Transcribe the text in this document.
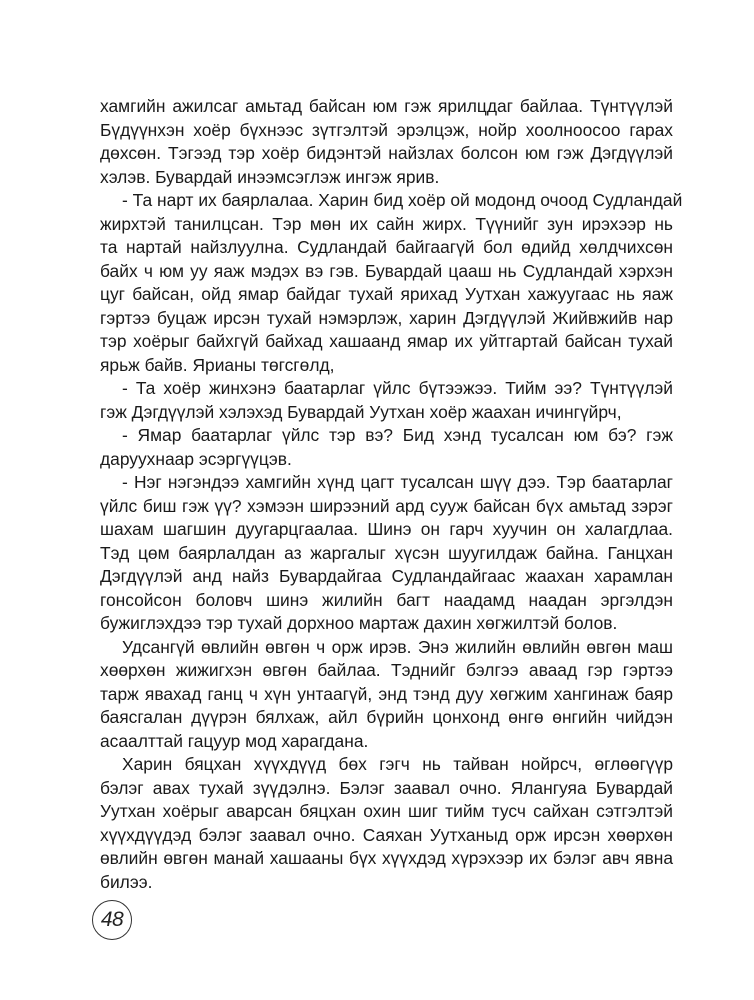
хамгийн ажилсаг амьтад байсан юм гэж ярилцдаг байлаа. Түнтүүлэй

Бүдүүнхэн хоёр бүхнээс зүтгэлтэй эрэлцэж, нойр хоолноосоо гарах

дөхсөн. Тэгээд тэр хоёр бидэнтэй найзлах болсон юм гэж Дэгдүүлэй

хэлэв. Бувардай инээмсэглэж ингэж ярив.

- Та нарт их баярлалаа. Харин бид хоёр ой модонд очоод Судландай

жирхтэй танилцсан. Тэр мөн их сайн жирх. Түүнийг зун ирэхээр нь

та нартай найзлуулна. Судландай байгаагүй бол өдийд хөлдчихсөн

байх ч юм уу яаж мэдэх вэ гэв. Бувардай цааш нь Судландай хэрхэн

цуг байсан, ойд ямар байдаг тухай ярихад Уутхан хажуугаас нь яаж

гэртээ буцаж ирсэн тухай нэмэрлэж, харин Дэгдүүлэй Жийвжийв нар

тэр хоёрыг байхгүй байхад хашаанд ямар их уйтгартай байсан тухай

ярьж байв. Ярианы төгсгөлд,

- Та хоёр жинхэнэ баатарлаг үйлс бүтээжээ. Тийм ээ? Түнтүүлэй

гэж Дэгдүүлэй хэлэхэд Бувардай Уутхан хоёр жаахан ичингүйрч,

- Ямар баатарлаг үйлс тэр вэ? Бид хэнд тусалсан юм бэ? гэж

даруухнаар эсэргүүцэв.

- Нэг нэгэндээ хамгийн хүнд цагт тусалсан шүү дээ. Тэр баатарлаг

үйлс биш гэж үү? хэмээн ширээний ард сууж байсан бүх амьтад зэрэг

шахам шагшин дуугарцгаалаа. Шинэ он гарч хуучин он халагдлаа.

Тэд цөм баярлалдан аз жаргалыг хүсэн шуугилдаж байна. Ганцхан

Дэгдүүлэй анд найз Бувардайгаа Судландайгаас жаахан харамлан

гонсойсон боловч шинэ жилийн багт наадамд наадан эргэлдэн

бужиглэхдээ тэр тухай дорхноо мартаж дахин хөгжилтэй болов.

Удсангүй өвлийн өвгөн ч орж ирэв. Энэ жилийн өвлийн өвгөн маш

хөөрхөн жижигхэн өвгөн байлаа. Тэднийг бэлгээ аваад гэр гэртээ

тарж явахад ганц ч хүн унтаагүй, энд тэнд дуу хөгжим хангинаж баяр

баясгалан дүүрэн бялхаж, айл бүрийн цонхонд өнгө өнгийн чийдэн

асаалттай гацуур мод харагдана.

Харин бяцхан хүүхдүүд бөх гэгч нь тайван нойрсч, өглөөгүүр

бэлэг авах тухай зүүдэлнэ. Бэлэг заавал очно. Ялангуяа Бувардай

Уутхан хоёрыг аварсан бяцхан охин шиг тийм тусч сайхан сэтгэлтэй

хүүхдүүдэд бэлэг заавал очно. Саяхан Уутханыд орж ирсэн хөөрхөн

өвлийн өвгөн манай хашааны бүх хүүхдэд хүрэхээр их бэлэг авч явна

билээ.

48
